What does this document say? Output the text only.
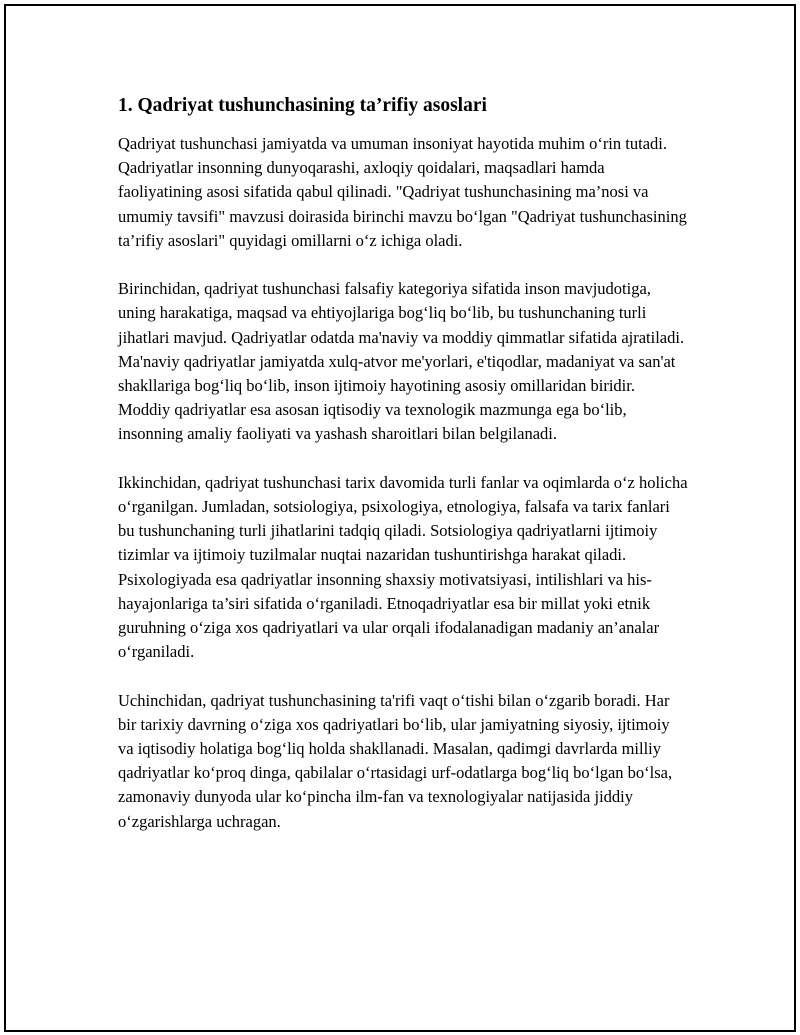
1. Qadriyat tushunchasining ta’rifiy asoslari

Qadriyat tushunchasi jamiyatda va umuman insoniyat hayotida muhim oʻrin tutadi. Qadriyatlar insonning dunyoqarashi, axloqiy qoidalari, maqsadlari hamda faoliyatining asosi sifatida qabul qilinadi. "Qadriyat tushunchasining ma’nosi va umumiy tavsifi" mavzusi doirasida birinchi mavzu boʻlgan "Qadriyat tushunchasining ta’rifiy asoslari" quyidagi omillarni oʻz ichiga oladi.

Birinchidan, qadriyat tushunchasi falsafiy kategoriya sifatida inson mavjudotiga, uning harakatiga, maqsad va ehtiyojlariga bogʻliq boʻlib, bu tushunchaning turli jihatlari mavjud. Qadriyatlar odatda ma'naviy va moddiy qimmatlar sifatida ajratiladi. Ma'naviy qadriyatlar jamiyatda xulq-atvor me'yorlari, e'tiqodlar, madaniyat va san'at shakllariga bogʻliq boʻlib, inson ijtimoiy hayotining asosiy omillaridan biridir. Moddiy qadriyatlar esa asosan iqtisodiy va texnologik mazmunga ega boʻlib, insonning amaliy faoliyati va yashash sharoitlari bilan belgilanadi.

Ikkinchidan, qadriyat tushunchasi tarix davomida turli fanlar va oqimlarda oʻz holicha oʻrganilgan. Jumladan, sotsiologiya, psixologiya, etnologiya, falsafa va tarix fanlari bu tushunchaning turli jihatlarini tadqiq qiladi. Sotsiologiya qadriyatlarni ijtimoiy tizimlar va ijtimoiy tuzilmalar nuqtai nazaridan tushuntirishga harakat qiladi. Psixologiyada esa qadriyatlar insonning shaxsiy motivatsiyasi, intilishlari va his-hayajonlariga ta’siri sifatida oʻrganiladi. Etnoqadriyatlar esa bir millat yoki etnik guruhning oʻziga xos qadriyatlari va ular orqali ifodalanadigan madaniy an’analar oʻrganiladi.

Uchinchidan, qadriyat tushunchasining ta'rifi vaqt oʻtishi bilan oʻzgarib boradi. Har bir tarixiy davrning oʻziga xos qadriyatlari boʻlib, ular jamiyatning siyosiy, ijtimoiy va iqtisodiy holatiga bogʻliq holda shakllanadi. Masalan, qadimgi davrlarda milliy qadriyatlar koʻproq dinga, qabilalar oʻrtasidagi urf-odatlarga bogʻliq boʻlgan boʻlsa, zamonaviy dunyoda ular koʻpincha ilm-fan va texnologiyalar natijasida jiddiy oʻzgarishlarga uchragan.
